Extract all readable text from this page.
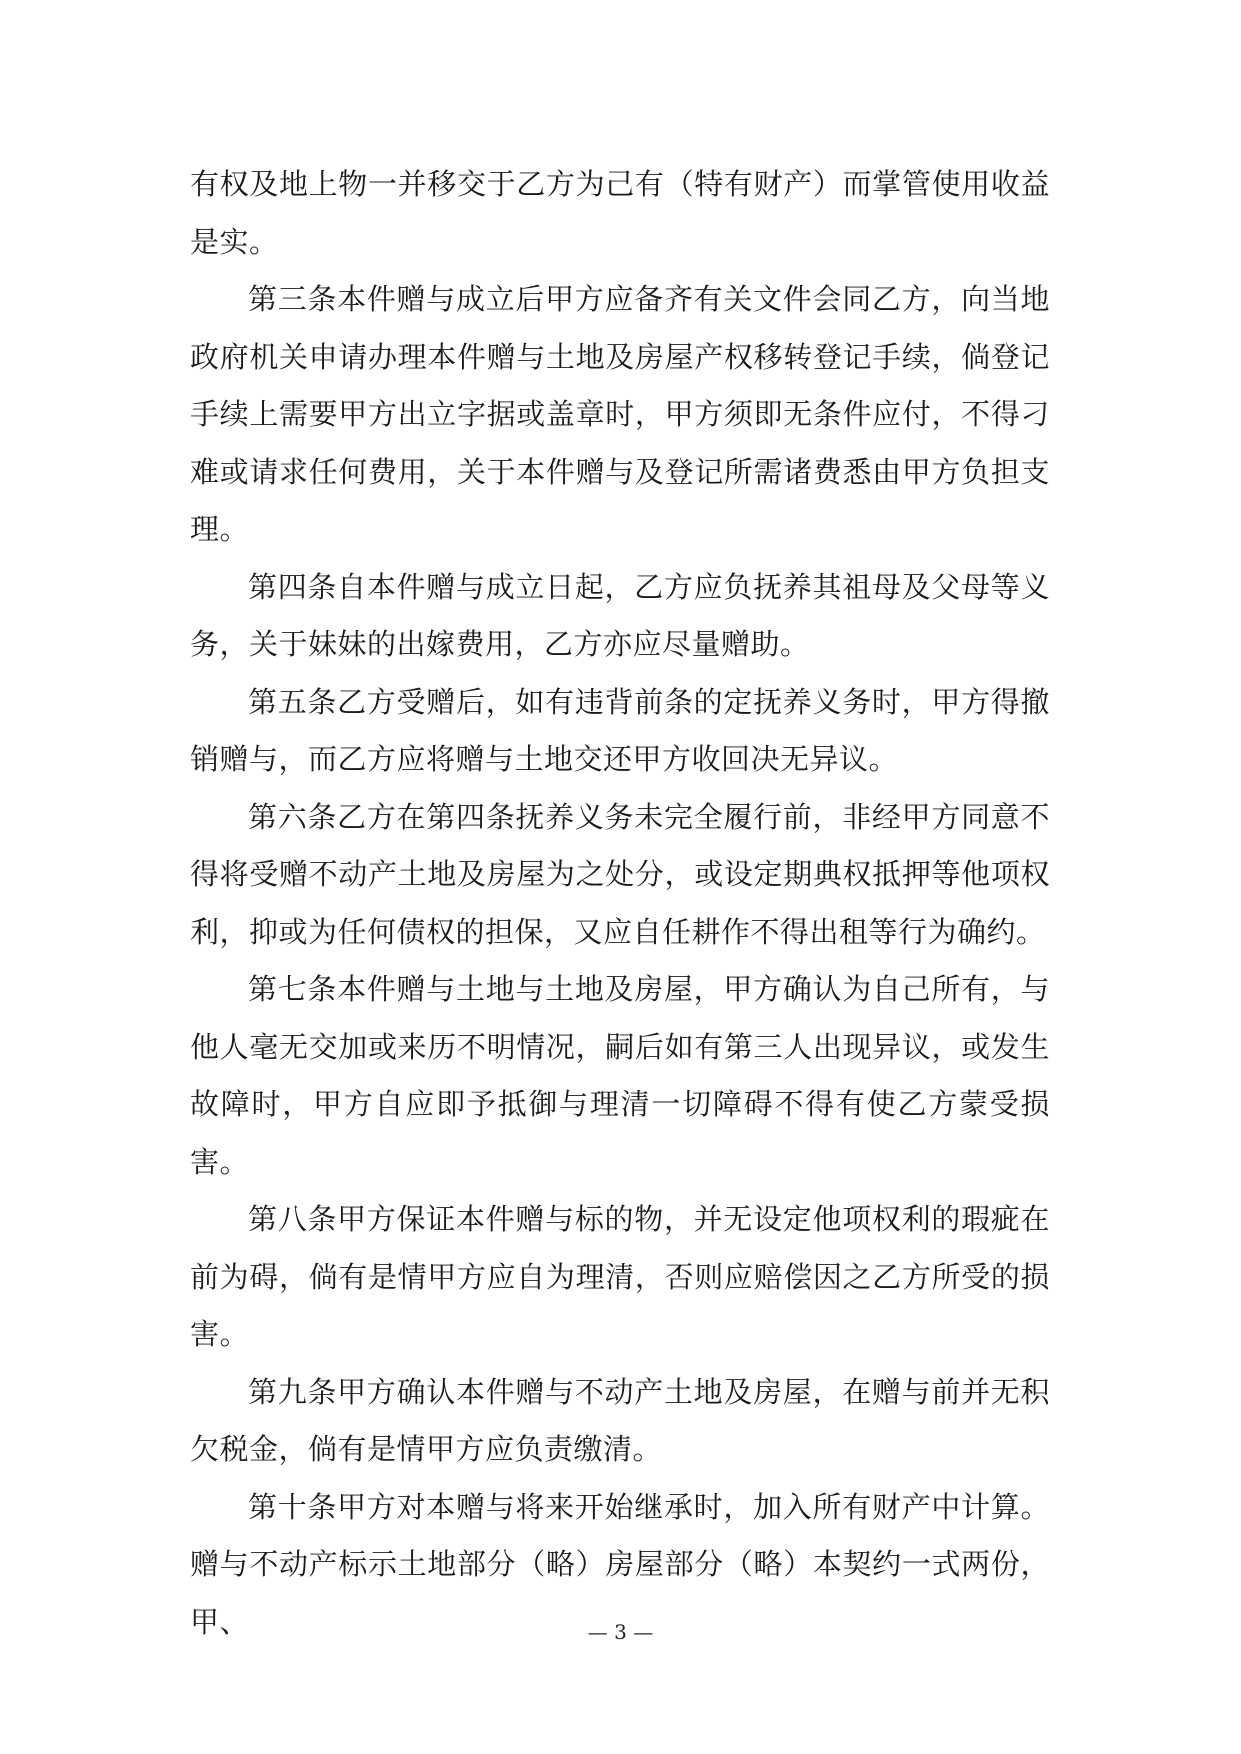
有权及地上物一并移交于乙方为己有（特有财产）而掌管使用收益是实。

第三条本件赠与成立后甲方应备齐有关文件会同乙方，向当地政府机关申请办理本件赠与土地及房屋产权移转登记手续，倘登记手续上需要甲方出立字据或盖章时，甲方须即无条件应付，不得刁难或请求任何费用，关于本件赠与及登记所需诸费悉由甲方负担支理。

第四条自本件赠与成立日起，乙方应负抚养其祖母及父母等义务，关于妹妹的出嫁费用，乙方亦应尽量赠助。

第五条乙方受赠后，如有违背前条的定抚养义务时，甲方得撤销赠与，而乙方应将赠与土地交还甲方收回决无异议。

第六条乙方在第四条抚养义务未完全履行前，非经甲方同意不得将受赠不动产土地及房屋为之处分，或设定期典权抵押等他项权利，抑或为任何债权的担保，又应自任耕作不得出租等行为确约。

第七条本件赠与土地与土地及房屋，甲方确认为自己所有，与他人毫无交加或来历不明情况，嗣后如有第三人出现异议，或发生故障时，甲方自应即予抵御与理清一切障碍不得有使乙方蒙受损害。

第八条甲方保证本件赠与标的物，并无设定他项权利的瑕疵在前为碍，倘有是情甲方应自为理清，否则应赔偿因之乙方所受的损害。

第九条甲方确认本件赠与不动产土地及房屋，在赠与前并无积欠税金，倘有是情甲方应负责缴清。

第十条甲方对本赠与将来开始继承时，加入所有财产中计算。赠与不动产标示土地部分（略）房屋部分（略）本契约一式两份，甲、	— 3 —
